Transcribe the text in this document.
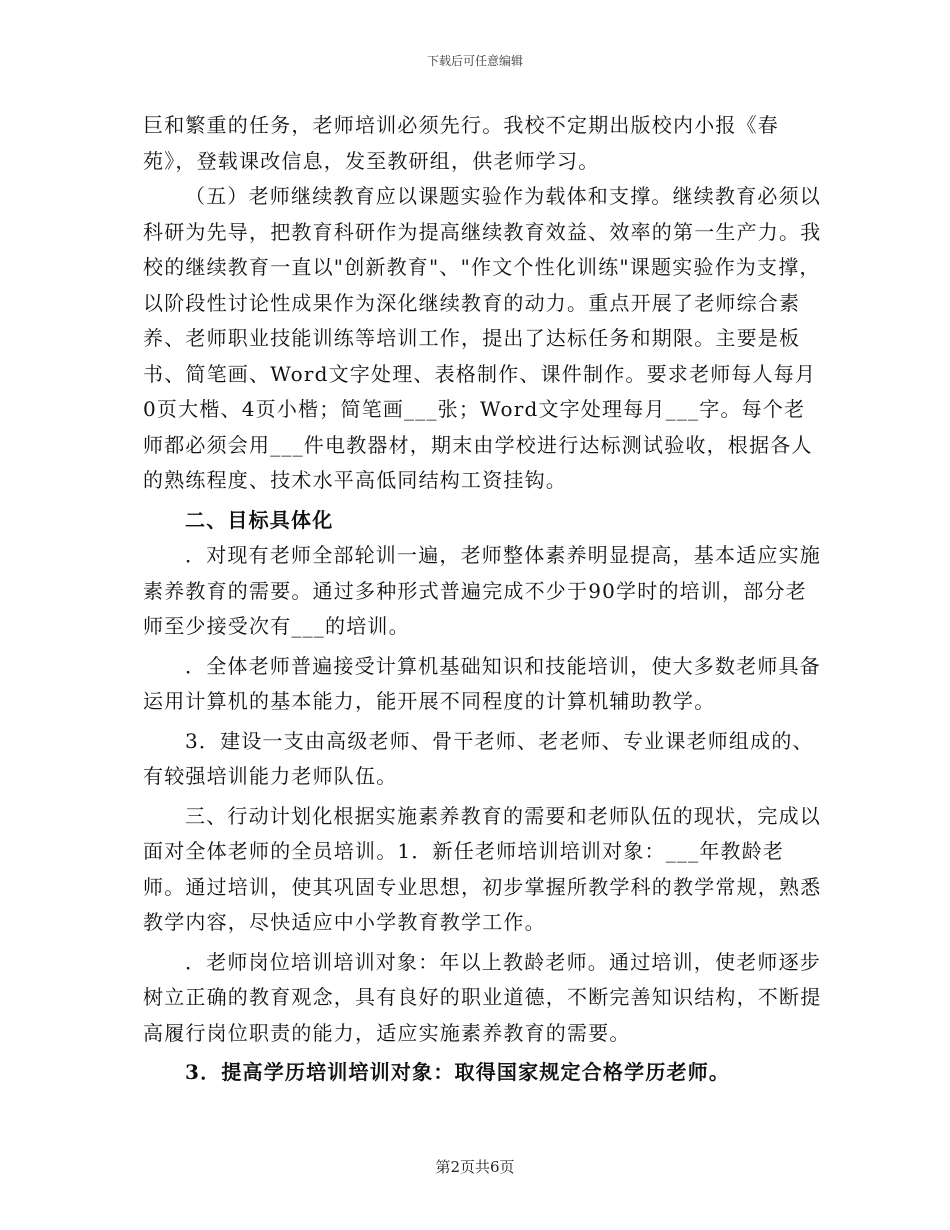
下载后可任意编辑

巨和繁重的任务，老师培训必须先行。我校不定期出版校内小报《春苑》，登载课改信息，发至教研组，供老师学习。

（五）老师继续教育应以课题实验作为载体和支撑。继续教育必须以科研为先导，把教育科研作为提高继续教育效益、效率的第一生产力。我校的继续教育一直以"创新教育"、"作文个性化训练"课题实验作为支撑，以阶段性讨论性成果作为深化继续教育的动力。重点开展了老师综合素养、老师职业技能训练等培训工作，提出了达标任务和期限。主要是板书、简笔画、Word文字处理、表格制作、课件制作。要求老师每人每月0页大楷、4页小楷；简笔画___张；Word文字处理每月___字。每个老师都必须会用___件电教器材，期末由学校进行达标测试验收，根据各人的熟练程度、技术水平高低同结构工资挂钩。

二、目标具体化

．对现有老师全部轮训一遍，老师整体素养明显提高，基本适应实施素养教育的需要。通过多种形式普遍完成不少于90学时的培训，部分老师至少接受次有___的培训。

．全体老师普遍接受计算机基础知识和技能培训，使大多数老师具备运用计算机的基本能力，能开展不同程度的计算机辅助教学。

3．建设一支由高级老师、骨干老师、老老师、专业课老师组成的、有较强培训能力老师队伍。

三、行动计划化根据实施素养教育的需要和老师队伍的现状，完成以面对全体老师的全员培训。1．新任老师培训培训对象：___年教龄老师。通过培训，使其巩固专业思想，初步掌握所教学科的教学常规，熟悉教学内容，尽快适应中小学教育教学工作。

．老师岗位培训培训对象：年以上教龄老师。通过培训，使老师逐步树立正确的教育观念，具有良好的职业道德，不断完善知识结构，不断提高履行岗位职责的能力，适应实施素养教育的需要。

3．提高学历培训培训对象：取得国家规定合格学历老师。

第2页共6页
